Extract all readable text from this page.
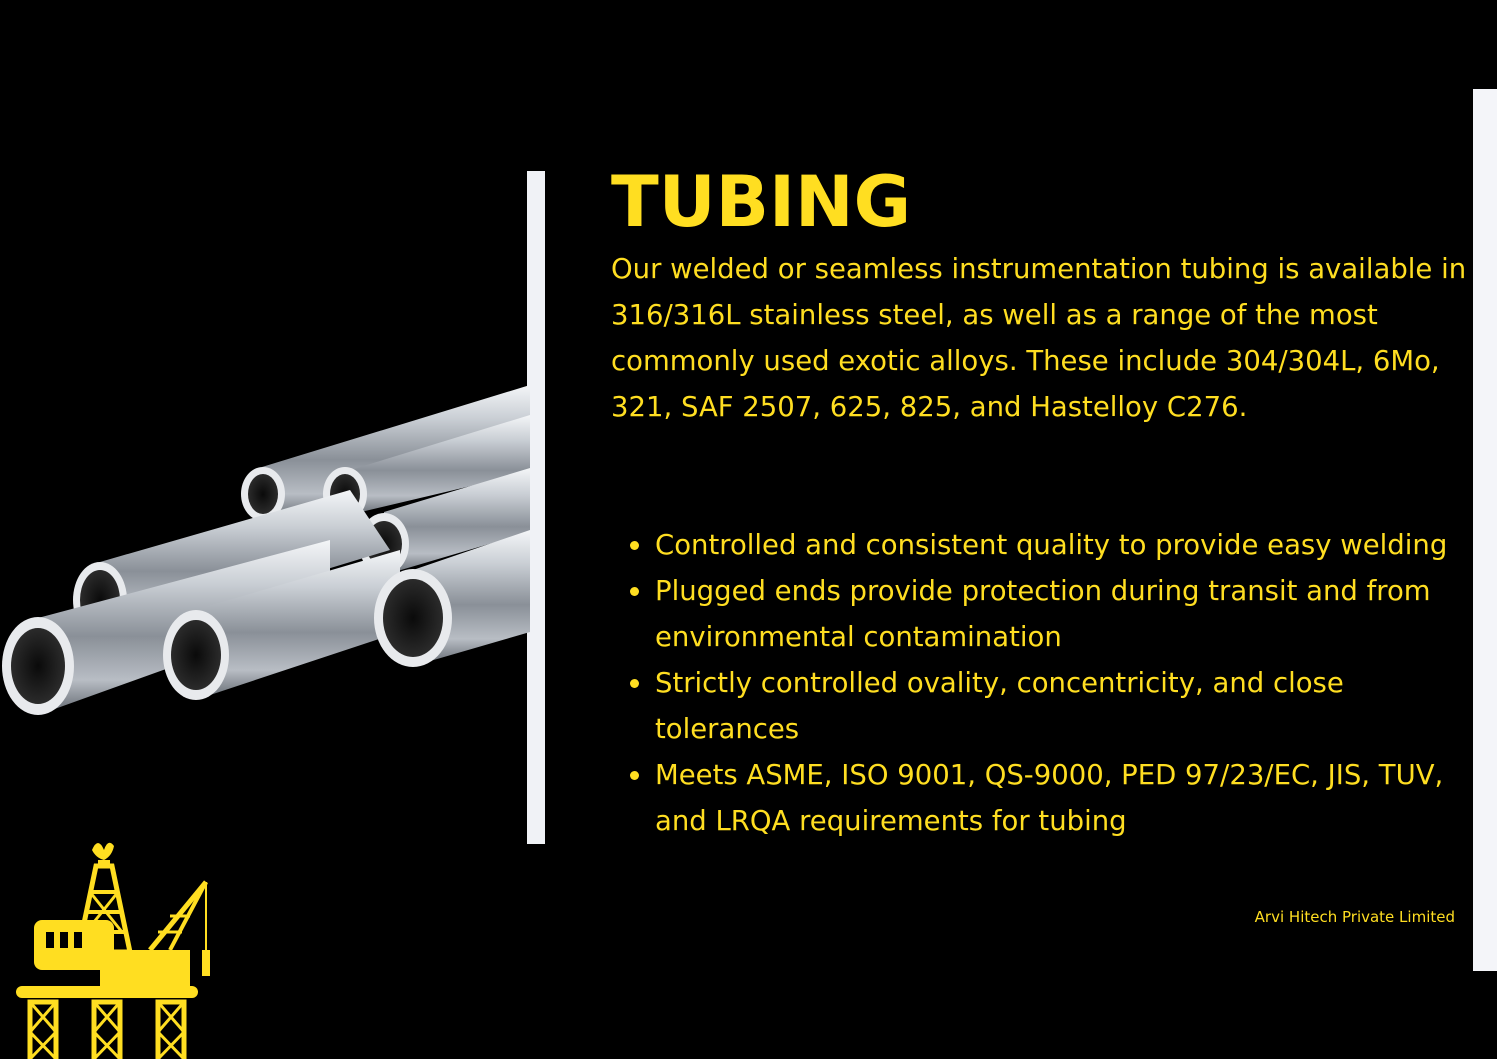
TUBING

Our welded or seamless instrumentation tubing is available in 316/316L stainless steel, as well as a range of the most commonly used exotic alloys. These include 304/304L, 6Mo, 321, SAF 2507, 625, 825, and Hastelloy C276.

Controlled and consistent quality to provide easy welding
Plugged ends provide protection during transit and from environmental contamination
Strictly controlled ovality, concentricity, and close tolerances
Meets ASME, ISO 9001, QS-9000, PED 97/23/EC, JIS, TUV, and LRQA requirements for tubing

Arvi Hitech Private Limited
